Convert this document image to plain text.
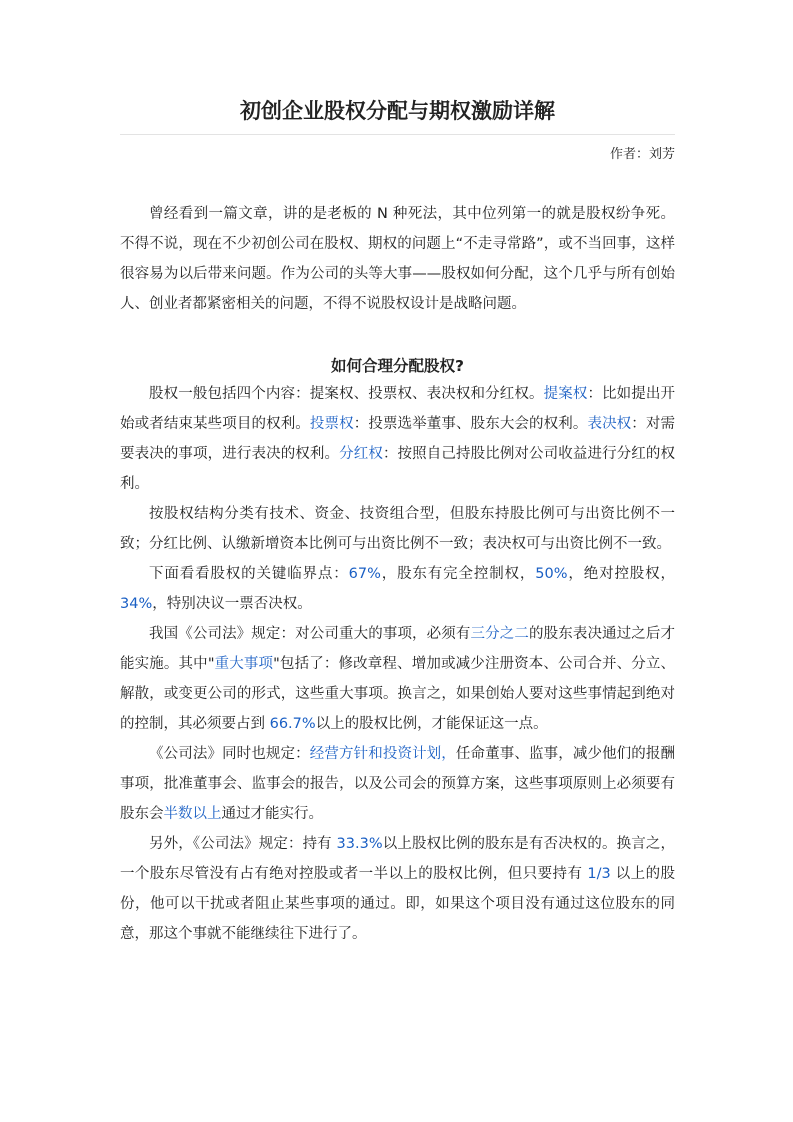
初创企业股权分配与期权激励详解
作者：刘芳

曾经看到一篇文章，讲的是老板的 N 种死法，其中位列第一的就是股权纷争死。不得不说，现在不少初创公司在股权、期权的问题上“不走寻常路”，或不当回事，这样很容易为以后带来问题。作为公司的头等大事——股权如何分配，这个几乎与所有创始人、创业者都紧密相关的问题，不得不说股权设计是战略问题。

如何合理分配股权?

股权一般包括四个内容：提案权、投票权、表决权和分红权。提案权：比如提出开始或者结束某些项目的权利。投票权：投票选举董事、股东大会的权利。表决权：对需要表决的事项，进行表决的权利。分红权：按照自己持股比例对公司收益进行分红的权利。

按股权结构分类有技术、资金、技资组合型，但股东持股比例可与出资比例不一致；分红比例、认缴新增资本比例可与出资比例不一致；表决权可与出资比例不一致。

下面看看股权的关键临界点：67%，股东有完全控制权，50%，绝对控股权，34%，特别决议一票否决权。

我国《公司法》规定：对公司重大的事项，必须有三分之二的股东表决通过之后才能实施。其中"重大事项"包括了：修改章程、增加或减少注册资本、公司合并、分立、解散，或变更公司的形式，这些重大事项。换言之，如果创始人要对这些事情起到绝对的控制，其必须要占到 66.7%以上的股权比例，才能保证这一点。

《公司法》同时也规定：经营方针和投资计划，任命董事、监事，减少他们的报酬事项，批准董事会、监事会的报告，以及公司会的预算方案，这些事项原则上必须要有股东会半数以上通过才能实行。

另外，《公司法》规定：持有 33.3%以上股权比例的股东是有否决权的。换言之，一个股东尽管没有占有绝对控股或者一半以上的股权比例，但只要持有 1/3 以上的股份，他可以干扰或者阻止某些事项的通过。即，如果这个项目没有通过这位股东的同意，那这个事就不能继续往下进行了。
